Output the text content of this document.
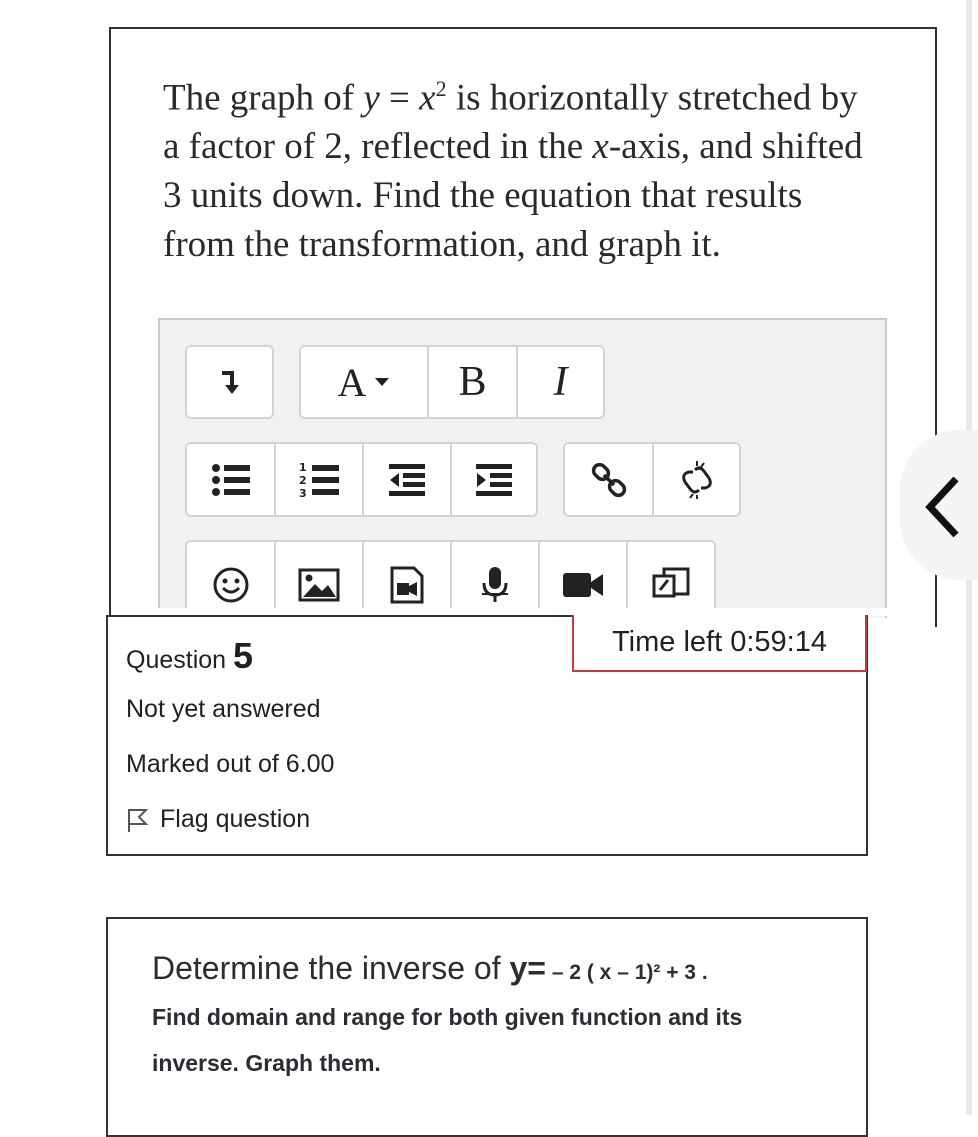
The graph of $y = x^2$ is horizontally stretched by a factor of 2, reflected in the x-axis, and shifted 3 units down. Find the equation that results from the transformation, and graph it.
A B I
1
2
3
Question 5
Not yet answered
Marked out of 6.00
Flag question
Time left 0:59:14
Determine the inverse of y= – 2 ( x – 1)² + 3 .
Find domain and range for both given function and its
inverse. Graph them.
